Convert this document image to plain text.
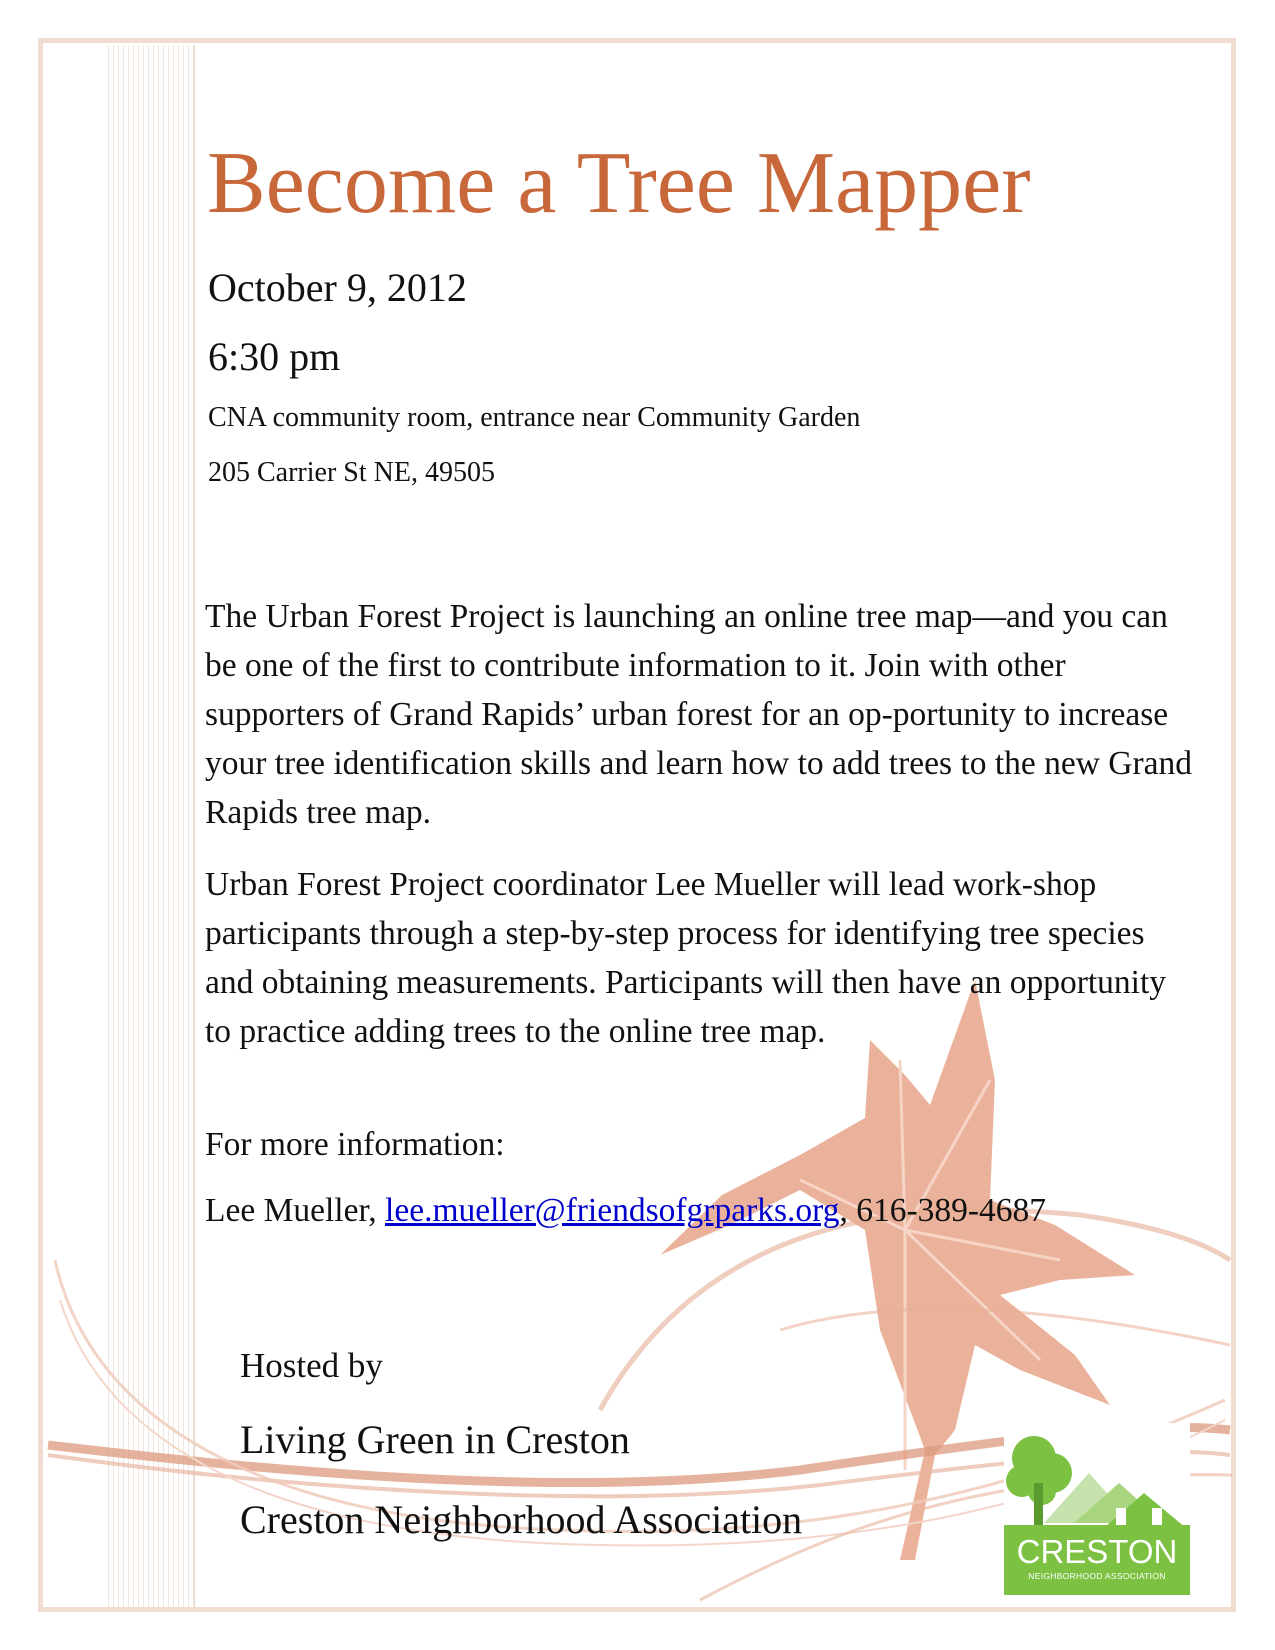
Become a Tree Mapper
October 9, 2012
6:30 pm
CNA community room, entrance near Community Garden
205 Carrier St NE, 49505

The Urban Forest Project is launching an online tree map—and you can be one of the first to contribute information to it. Join with other supporters of Grand Rapids’ urban forest for an op-portunity to increase your tree identification skills and learn how to add trees to the new Grand Rapids tree map.

Urban Forest Project coordinator Lee Mueller will lead work-shop participants through a step-by-step process for identifying tree species and obtaining measurements. Participants will then have an opportunity to practice adding trees to the online tree map.

For more information:
Lee Mueller, lee.mueller@friendsofgrparks.org, 616-389-4687
Hosted by
Living Green in Creston
Creston Neighborhood Association
CRESTON
NEIGHBORHOOD ASSOCIATION
